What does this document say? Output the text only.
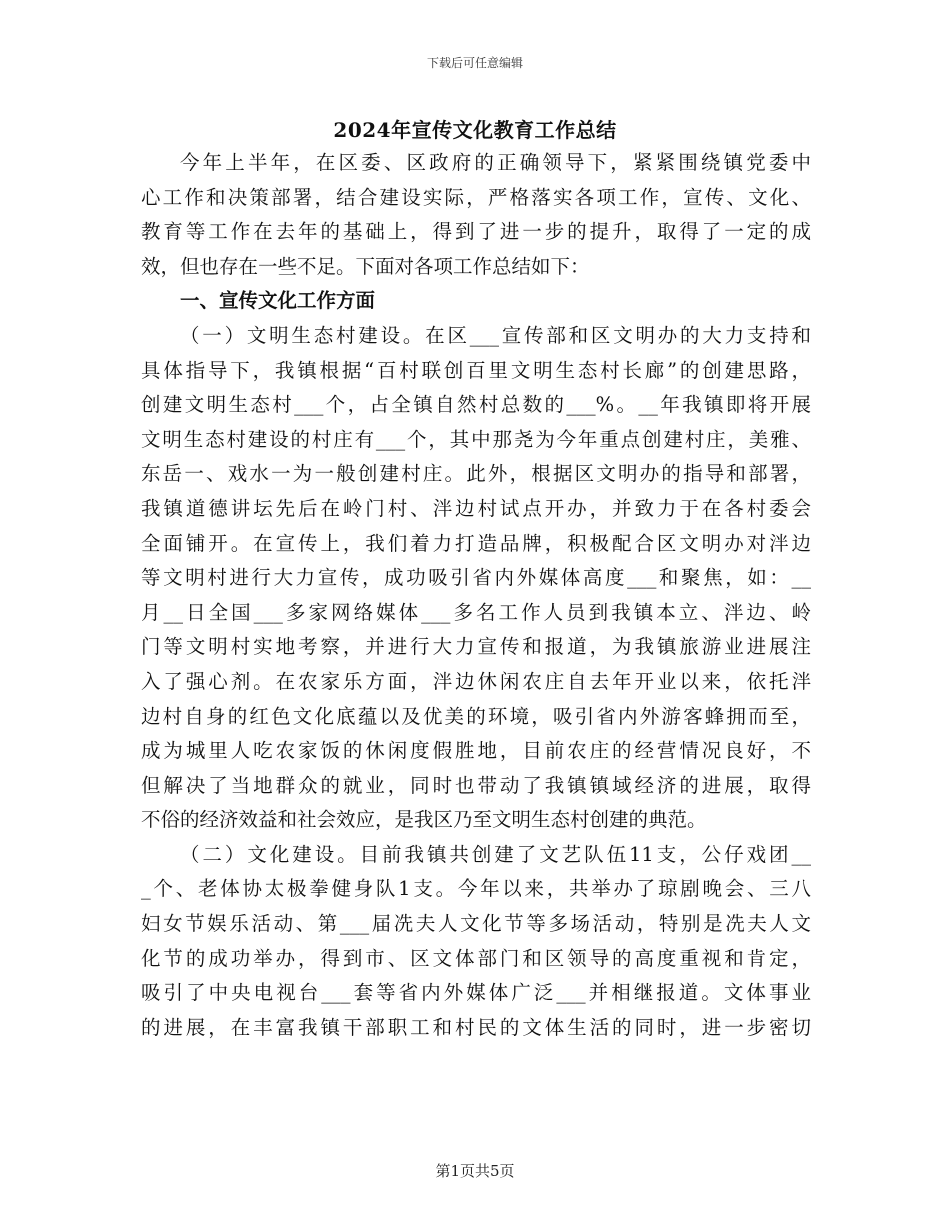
下载后可任意编辑
2024年宣传文化教育工作总结
今年上半年，在区委、区政府的正确领导下，紧紧围绕镇党委中
心工作和决策部署，结合建设实际，严格落实各项工作，宣传、文化、
教育等工作在去年的基础上，得到了进一步的提升，取得了一定的成
效，但也存在一些不足。下面对各项工作总结如下：
一、宣传文化工作方面
（一）文明生态村建设。在区___宣传部和区文明办的大力支持和
具体指导下，我镇根据“百村联创百里文明生态村长廊”的创建思路，
创建文明生态村___个，占全镇自然村总数的___%。__年我镇即将开展
文明生态村建设的村庄有___个，其中那尧为今年重点创建村庄，美雅、
东岳一、戏水一为一般创建村庄。此外，根据区文明办的指导和部署，
我镇道德讲坛先后在岭门村、泮边村试点开办，并致力于在各村委会
全面铺开。在宣传上，我们着力打造品牌，积极配合区文明办对泮边
等文明村进行大力宣传，成功吸引省内外媒体高度___和聚焦，如：__
月__日全国___多家网络媒体___多名工作人员到我镇本立、泮边、岭
门等文明村实地考察，并进行大力宣传和报道，为我镇旅游业进展注
入了强心剂。在农家乐方面，泮边休闲农庄自去年开业以来，依托泮
边村自身的红色文化底蕴以及优美的环境，吸引省内外游客蜂拥而至，
成为城里人吃农家饭的休闲度假胜地，目前农庄的经营情况良好，不
但解决了当地群众的就业，同时也带动了我镇镇域经济的进展，取得
不俗的经济效益和社会效应，是我区乃至文明生态村创建的典范。
（二）文化建设。目前我镇共创建了文艺队伍11支，公仔戏团__
_个、老体协太极拳健身队1支。今年以来，共举办了琼剧晚会、三八
妇女节娱乐活动、第___届冼夫人文化节等多场活动，特别是冼夫人文
化节的成功举办，得到市、区文体部门和区领导的高度重视和肯定，
吸引了中央电视台___套等省内外媒体广泛___并相继报道。文体事业
的进展，在丰富我镇干部职工和村民的文体生活的同时，进一步密切
第1页共5页
